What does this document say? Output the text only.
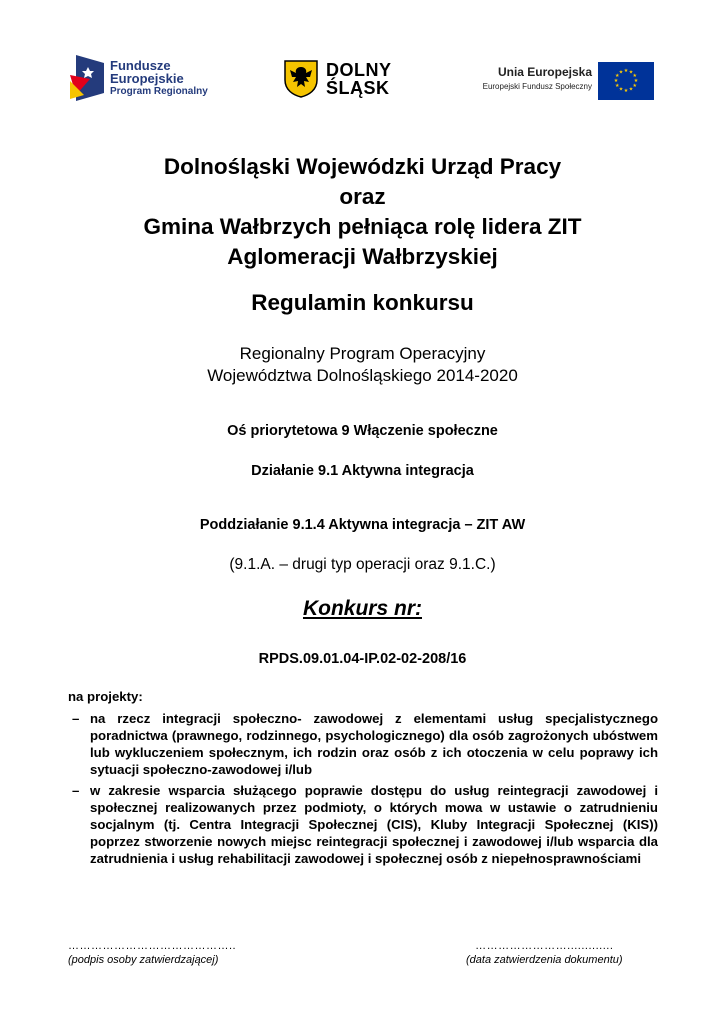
Fundusze
Europejskie
Program Regionalny
DOLNY
ŚLĄSK
Unia Europejska
Europejski Fundusz Społeczny
★ ★
★
★
★
★
★
★
★
★
★
★
Dolnośląski Wojewódzki Urząd Pracy
oraz
Gmina Wałbrzych pełniąca rolę lidera ZIT
Aglomeracji Wałbrzyskiej
Regulamin konkursu
Regionalny Program Operacyjny
Województwa Dolnośląskiego 2014-2020
Oś priorytetowa 9 Włączenie społeczne
Działanie 9.1 Aktywna integracja
Poddziałanie 9.1.4 Aktywna integracja – ZIT AW
(9.1.A. – drugi typ operacji oraz 9.1.C.)
Konkurs nr:
RPDS.09.01.04-IP.02-02-208/16
na projekty:
– na rzecz integracji społeczno- zawodowej z elementami usług specjalistycznego poradnictwa (prawnego, rodzinnego, psychologicznego) dla osób zagrożonych ubóstwem lub wykluczeniem społecznym, ich rodzin oraz osób z ich otoczenia w celu poprawy ich sytuacji społeczno-zawodowej i/lub
– w zakresie wsparcia służącego poprawie dostępu do usług reintegracji zawodowej i społecznej realizowanych przez podmioty, o których mowa w ustawie o zatrudnieniu socjalnym (tj. Centra Integracji Społecznej (CIS), Kluby Integracji Społecznej (KIS)) poprzez stworzenie nowych miejsc reintegracji społecznej i zawodowej i/lub wsparcia dla zatrudnienia i usług rehabilitacji zawodowej i społecznej osób z niepełnosprawnościami
……………………………………..
(podpis osoby zatwierdzającej)
…………………….............
(data zatwierdzenia dokumentu)
